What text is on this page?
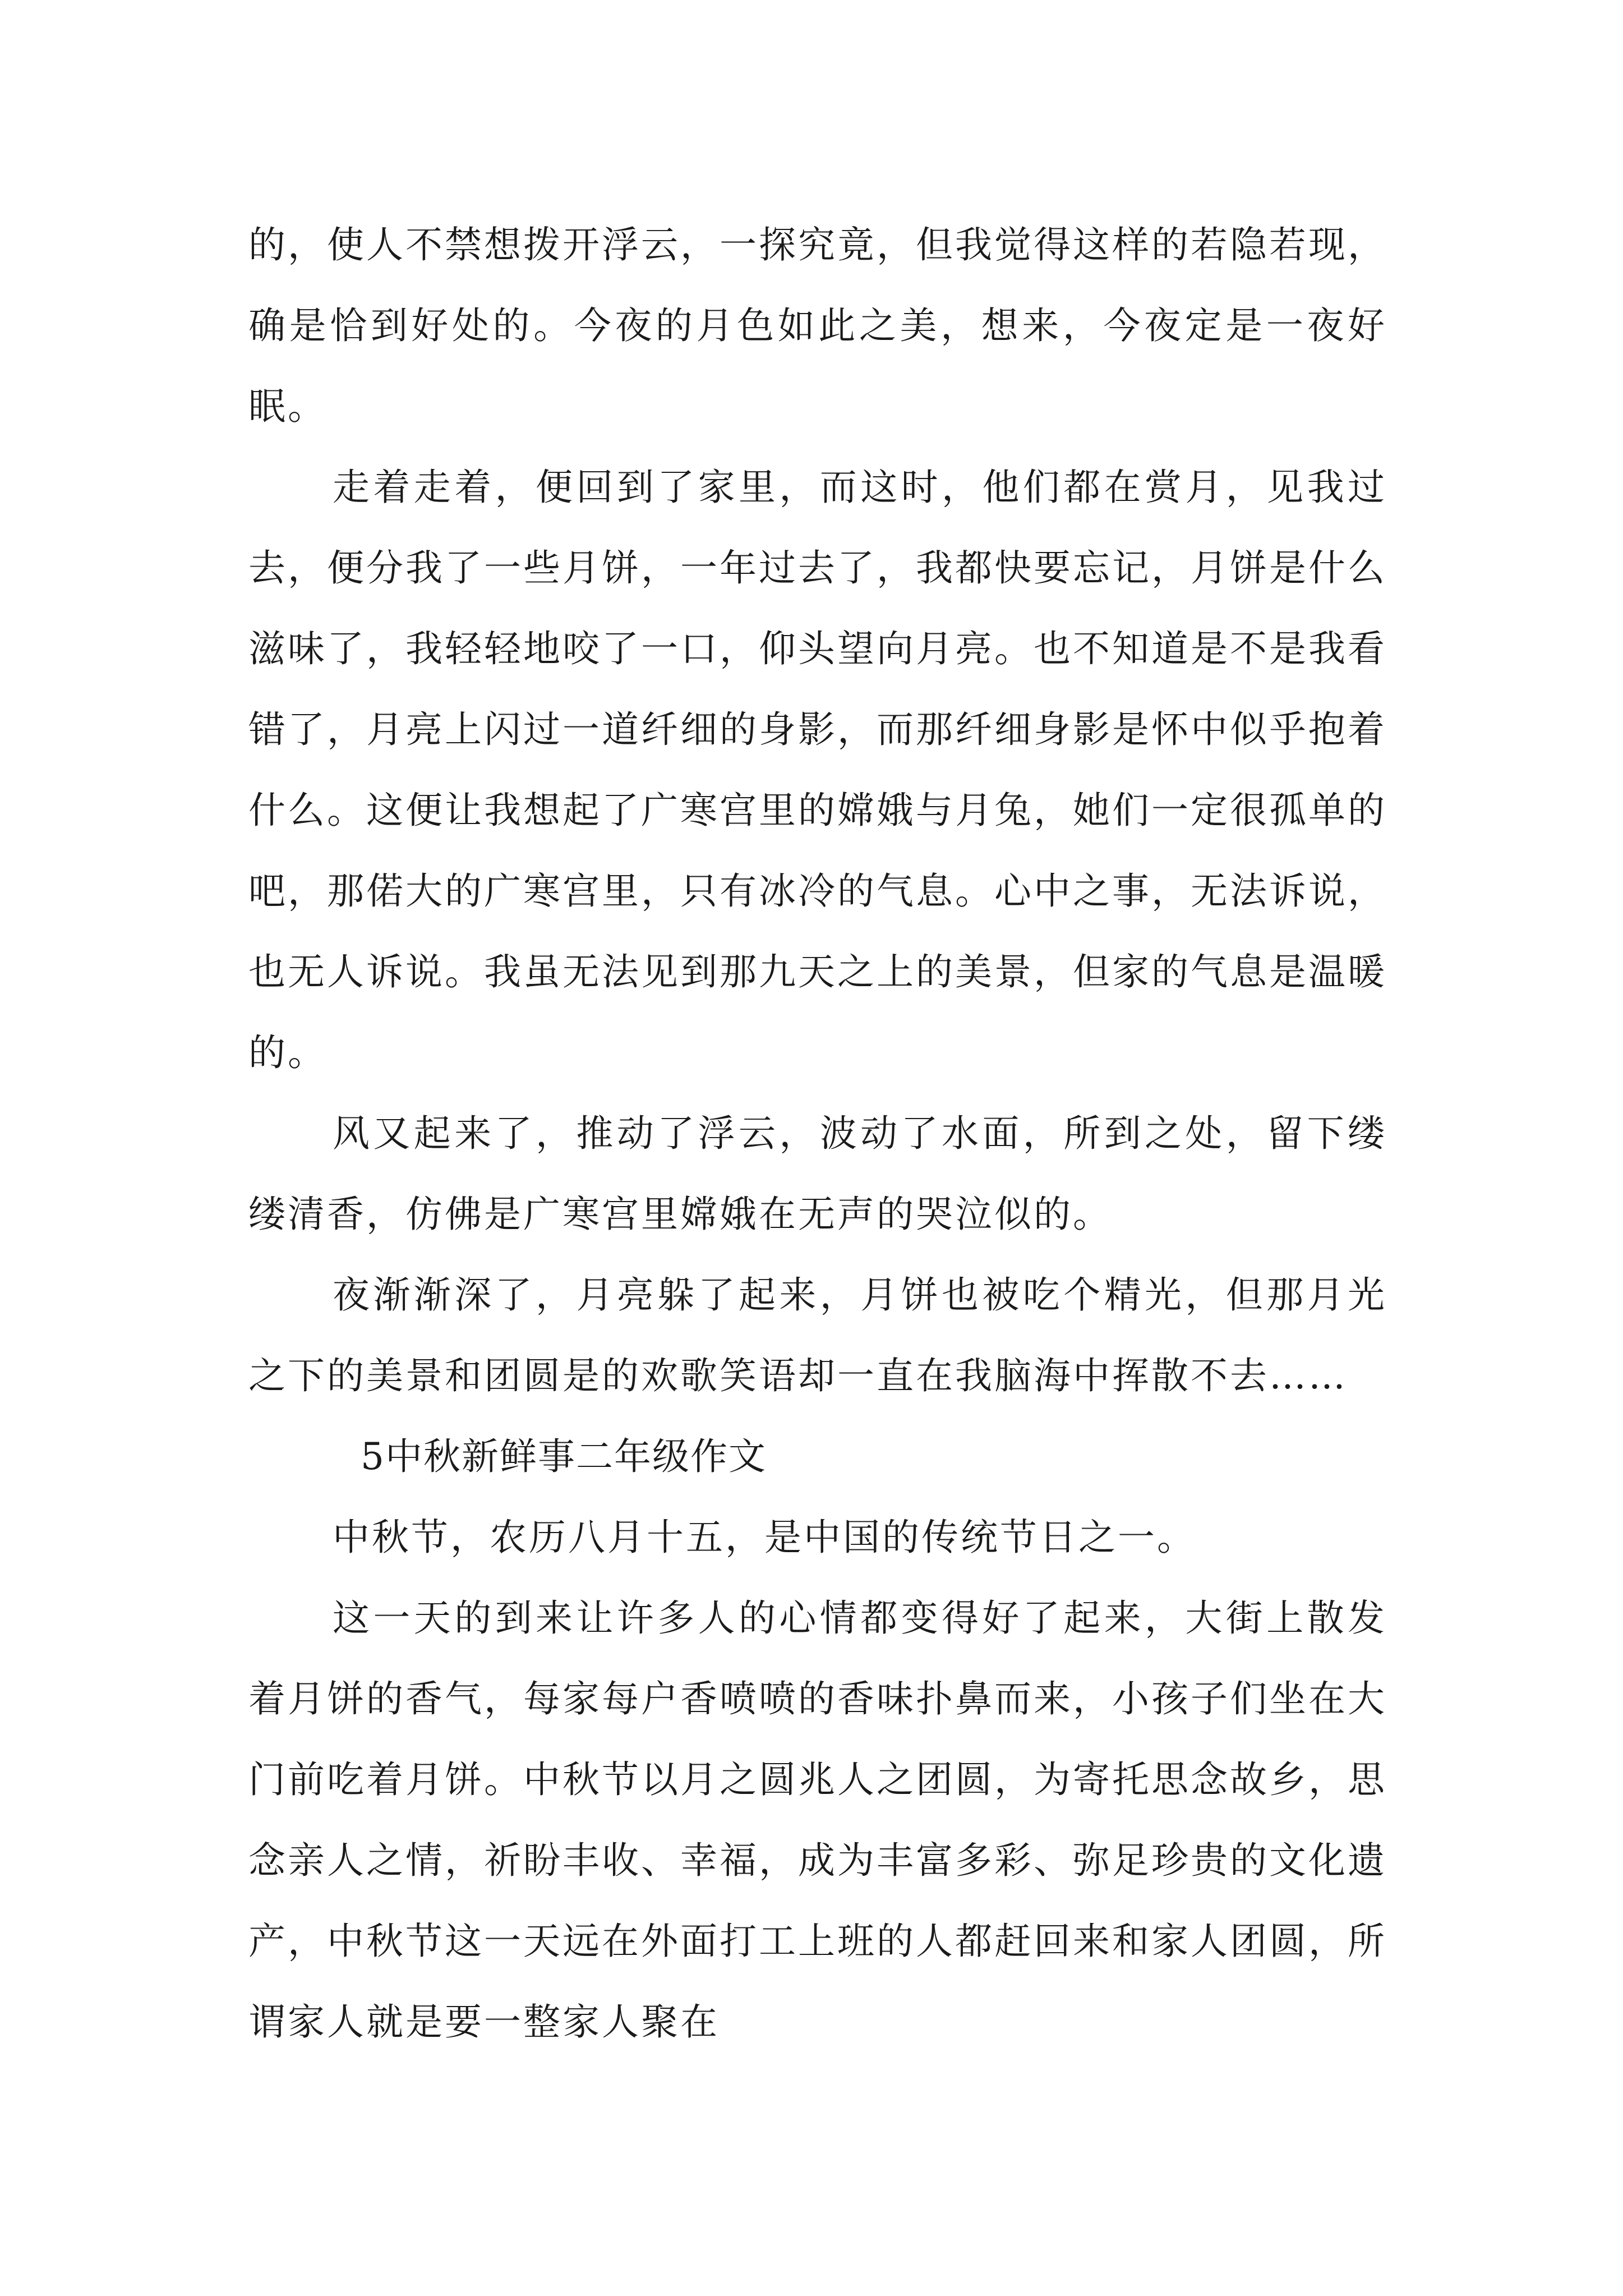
的，使人不禁想拨开浮云，一探究竟，但我觉得这样的若隐若现，确是恰到好处的。今夜的月色如此之美，想来，今夜定是一夜好眠。

走着走着，便回到了家里，而这时，他们都在赏月，见我过去，便分我了一些月饼，一年过去了，我都快要忘记，月饼是什么滋味了，我轻轻地咬了一口，仰头望向月亮。也不知道是不是我看错了，月亮上闪过一道纤细的身影，而那纤细身影是怀中似乎抱着什么。这便让我想起了广寒宫里的嫦娥与月兔，她们一定很孤单的吧，那偌大的广寒宫里，只有冰冷的气息。心中之事，无法诉说，也无人诉说。我虽无法见到那九天之上的美景，但家的气息是温暖的。

风又起来了，推动了浮云，波动了水面，所到之处，留下缕缕清香，仿佛是广寒宫里嫦娥在无声的哭泣似的。

夜渐渐深了，月亮躲了起来，月饼也被吃个精光，但那月光之下的美景和团圆是的欢歌笑语却一直在我脑海中挥散不去……

5中秋新鲜事二年级作文

中秋节，农历八月十五，是中国的传统节日之一。

这一天的到来让许多人的心情都变得好了起来，大街上散发着月饼的香气，每家每户香喷喷的香味扑鼻而来，小孩子们坐在大门前吃着月饼。中秋节以月之圆兆人之团圆，为寄托思念故乡，思念亲人之情，祈盼丰收、幸福，成为丰富多彩、弥足珍贵的文化遗产，中秋节这一天远在外面打工上班的人都赶回来和家人团圆，所谓家人就是要一整家人聚在
